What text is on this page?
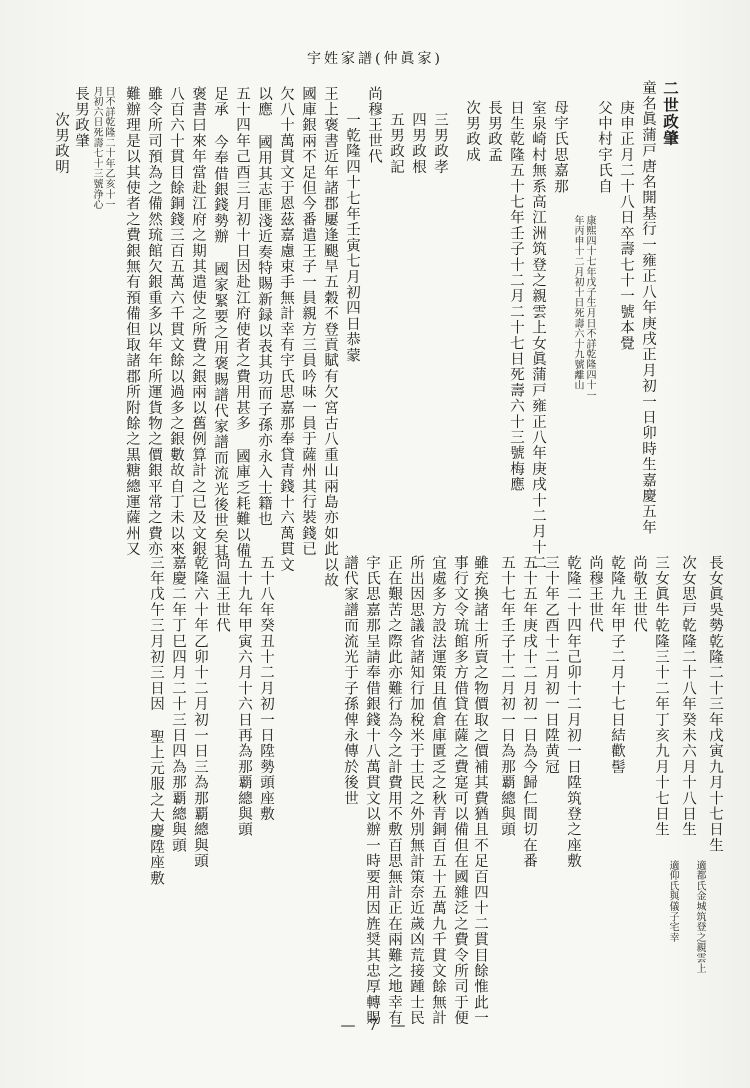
宇姓家譜(仲眞家)
日不詳乾隆二十年乙亥十一
月初六日死壽七十三號浄心
長男政肇
次男政明	三男政孝
四男政根
五男政記
尚穆王世代
一乾隆四十七年壬寅七月初四日恭蒙
王上褒書近年諸郡屢逢颶旱五穀不登貢賦有欠宮古八重山兩島亦如此以故
國庫銀兩不足但今番遣王子一員親方三員吟味一員于薩州其行裝錢已
欠八十萬貫文于恩茲嘉慮束手無計幸有宇氏思嘉那奉貸青錢十六萬貫文
以應 國用其志匪淺近奏特賜新録以表其功而子孫亦永入士籍也
五十四年己酉三月初十日因赴江府使者之費用甚多 國庫乏耗難以備
足承 今奉借銀錢勢辦 國家緊要之用褒賜譜代家譜而流光後世矣其
褒書曰來年當赴江府之期其遣使之所費之銀兩以舊例算計之已及文銀
八百六十貫目餘銅錢三百五萬六千貫文餘以過多之銀數故自丁未以來
雖令所司預為之備然琉館欠銀重多以年年所運貨物之價銀平常之費亦
難辦理是以其使者之費銀無有預備但取諸郡所附餘之黒糖總運薩州又
雖充換諸士所賣之物價取之價補其費猶且不足百四十二貫目餘惟此一
事行文令琉館多方借貸在薩之費寔可以備但在國雜泛之費令所司于便
宜處多方設法運策且值倉庫匱乏之秋青銅百五十五萬九千貫文餘無計
所出因思議省諸知行加稅米于士民之外別無計策奈近歲凶荒接踵士民
正在艱苦之際此亦難行為今之計費用不敷百思無計正在兩難之地幸有
宇氏思嘉那呈請奉借銀錢十八萬貫文以辦一時要用因旌奨其忠厚轉賜
譜代家譜而流光于子孫俾永傳於後世
二世政肇
童名眞蒲戸唐名開基行一雍正八年庚戌正月初一日卯時生嘉慶五年
庚申正月二十八日卒壽七十一號本覺
父中村宇氏自
康熙四十七年戊子生月日不詳乾隆四十一
年丙申十二月初十日死壽六十九號離山
母宇氏思嘉那
室泉崎村無系高江洲筑登之親雲上女眞蒲戸雍正八年庚戌十二月十二
日生乾隆五十七年壬子十二月二十七日死壽六十三號梅應
長男政孟
次男政成
長女眞吳勢乾隆二十三年戊寅九月十七日生
適都氏金城筑登之親雲上
次女思戸乾隆二十八年癸未六月十八日生
適仰氏與儀子宅幸
三女眞牛乾隆三十二年丁亥九月十七日生
尚敬王世代
乾隆九年甲子二月十七日結歡髻
尚穆王世代
乾隆二十四年己卯十二月初一日陞筑登之座敷
三十年乙酉十二月初一日陞黄冠
五十五年庚戌十二月初一日為今歸仁間切在番
五十七年壬子十二月初一日為那覇總與頭
五十八年癸丑十二月初一日陞勢頭座敷
五十九年甲寅六月十六日再為那覇總與頭
尚温王世代
乾隆六十年乙卯十二月初一日三為那覇總與頭
嘉慶二年丁巳四月二十三日四為那覇總與頭
三年戊午三月初三日因 聖上元服之大慶陞座敷
— 7 —
